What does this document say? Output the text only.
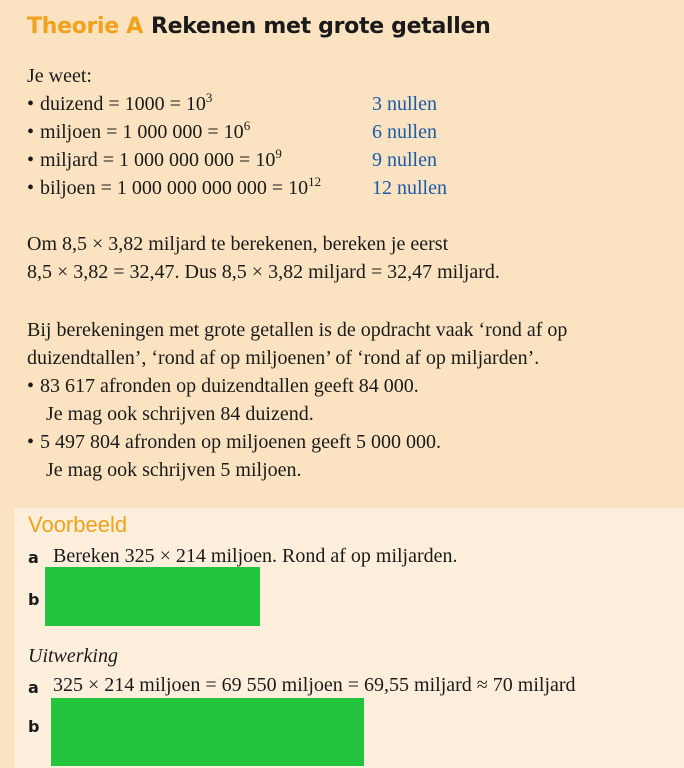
Theorie A Rekenen met grote getallen
Je weet:
• duizend = $1000 = 10^3$	3 nullen
• miljoen = 1 000 $000 = 10^6$	6 nullen
• miljard = 1 000 000 $000 = 10^9$	9 nullen
• biljoen = 1 000 000 000 $000 = 10^{12}$	12 nullen
Om 8,5 × 3,82 miljard te berekenen, bereken je eerst
8,5 × 3,82 = 32,47. Dus 8,5 × 3,82 miljard = 32,47 miljard.
Bij berekeningen met grote getallen is de opdracht vaak ‘rond af op
duizendtallen’, ‘rond af op miljoenen’ of ‘rond af op miljarden’.
• 83 617 afronden op duizendtallen geeft 84 000.
Je mag ook schrijven 84 duizend.
• 5 497 804 afronden op miljoenen geeft 5 000 000.
Je mag ook schrijven 5 miljoen.
Voorbeeld
a Bereken 325 × 214 miljoen. Rond af op miljarden.
b
Uitwerking
a 325 × 214 miljoen = 69 550 miljoen = 69,55 miljard ≈ 70 miljard
b
